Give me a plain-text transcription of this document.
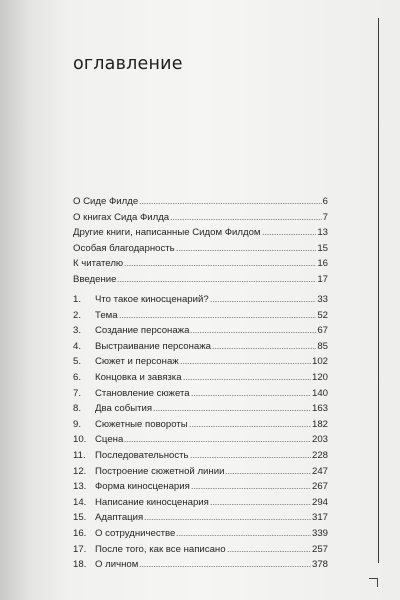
оглавление
О Сиде Филде	6
О книгах Сида Филда	7
Другие книги, написанные Сидом Филдом	13
Особая благодарность	15
К читателю	16
Введение	17
1.	Что такое киносценарий?	33
2.	Тема	52
3.	Создание персонажа	67
4.	Выстраивание персонажа	85
5.	Сюжет и персонаж	102
6.	Концовка и завязка	120
7.	Становление сюжета	140
8.	Два события	163
9.	Сюжетные повороты	182
10. Сцена	203
11. Последовательность	228
12. Построение сюжетной линии	247
13. Форма киносценария	267
14. Написание киносценария	294
15. Адаптация	317
16. О сотрудничестве	339
17. После того, как все написано	257
18. О личном	378
